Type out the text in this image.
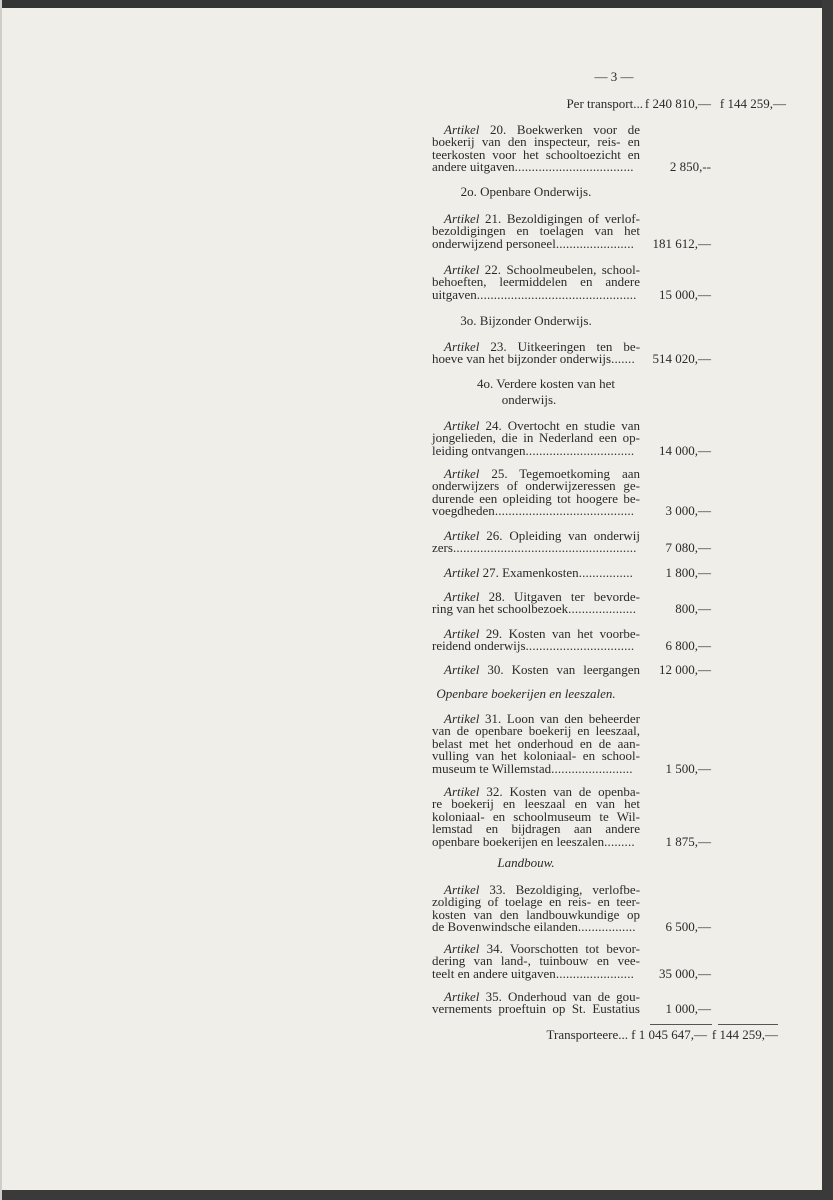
— 3 —
Per transport... f 240 810,— f 144 259,—
Artikel 20. Boekwerken voor de
boekerij van den inspecteur, reis- en
teerkosten voor het schooltoezicht en
andere uitgaven ...................................	2 850,--
2o. Openbare Onderwijs.
Artikel 21. Bezoldigingen of verlof-
bezoldigingen en toelagen van het
onderwijzend personeel .......................	181 612,—
Artikel 22. Schoolmeubelen, school-
behoeften, leermiddelen en andere
uitgaven ...............................................	15 000,—
3o. Bijzonder Onderwijs.
Artikel 23. Uitkeeringen ten be-
hoeve van het bijzonder onderwijs .......	514 020,—
4o. Verdere kosten van het
onderwijs.
Artikel 24. Overtocht en studie van
jongelieden, die in Nederland een op-
leiding ontvangen ................................	14 000,—
Artikel 25. Tegemoetkoming aan
onderwijzers of onderwijzeressen ge-
durende een opleiding tot hoogere be-
voegdheden .........................................	3 000,—
Artikel 26. Opleiding van onderwij
zers ......................................................	7 080,—
Artikel 27. Examenkosten ................	1 800,—
Artikel 28. Uitgaven ter bevorde-
ring van het schoolbezoek ....................	800,—
Artikel 29. Kosten van het voorbe-
reidend onderwijs ................................	6 800,—
Artikel 30. Kosten van leergangen	12 000,—
Openbare boekerijen en leeszalen.
Artikel 31. Loon van den beheerder
van de openbare boekerij en leeszaal,
belast met het onderhoud en de aan-
vulling van het koloniaal- en school-
museum te Willemstad ........................	1 500,—
Artikel 32. Kosten van de openba-
re boekerij en leeszaal en van het
koloniaal- en schoolmuseum te Wil-
lemstad en bijdragen aan andere
openbare boekerijen en leeszalen .........	1 875,—
Landbouw.
Artikel 33. Bezoldiging, verlofbe-
zoldiging of toelage en reis- en teer-
kosten van den landbouwkundige op
de Bovenwindsche eilanden .................	6 500,—
Artikel 34. Voorschotten tot bevor-
dering van land-, tuinbouw en vee-
teelt en andere uitgaven .......................	35 000,—
Artikel 35. Onderhoud van de gou-
vernements proeftuin op St. Eustatius	1 000,—
Transporteere... f 1 045 647,— f 144 259,—
